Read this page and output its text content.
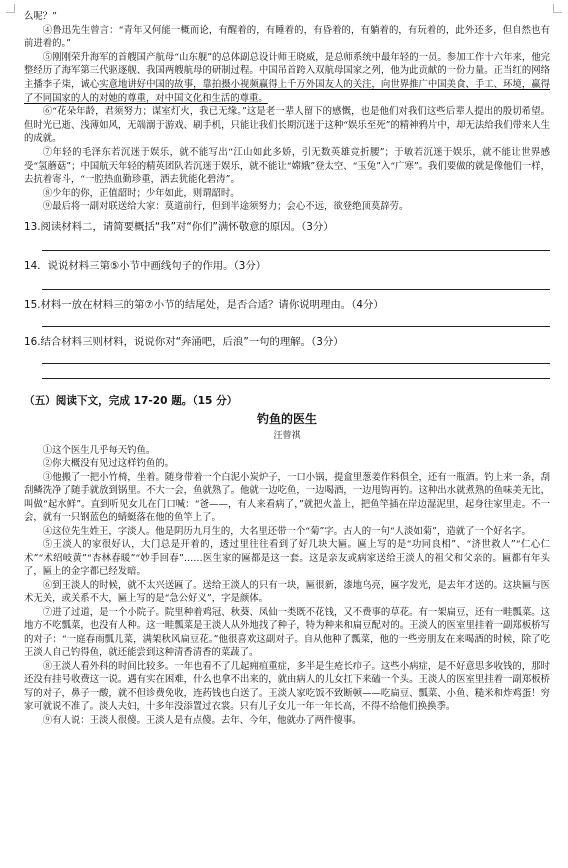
么呢？”

④鲁迅先生曾言：“青年又何能一概而论，有醒着的，有睡着的，有昏着的，有躺着的，有玩着的，此外还多，但自然也有前进着的。”

⑤刚刚荣升海军的首艘国产航母“山东舰”的总体副总设计师王晓威，是总师系统中最年轻的一员。参加工作十六年来，他完整经历了海军第三代驱逐舰、我国两艘航母的研制过程。中国吊首跨入双航母国家之列，他为此贡献的一份力量。正当红的网络主播李子柒，诚心实意地讲好中国的故事，靠拍摄小视频赢得上千万外国友人的关注，向世界推广中国美食、手工、环境，赢得了不同国家的人的对她的尊重，对中国文化和生活的尊重。

⑥“花朵年龄，君须努力；谋室灯火，我已无缘。”这是老一辈人留下的感慨，也是他们对我们这些后辈人提出的殷切希望。但时光已逝、浅薄如风，无端溺于游戏、刷手机，只能让我们长期沉迷于这种“娱乐至死”的精神鸦片中，却无法给我们带来人生的成就。

⑦年轻的毛泽东若沉迷于娱乐，就不能写出“江山如此多娇，引无数英雄竞折腰”；于敏若沉迷于娱乐，就不能让世界感受“氢蘑菇”；中国航天年轻的精英团队若沉迷于娱乐，就不能让“嫦娥”登太空、“玉兔”入“广寒”。我们要做的就是像他们一样，去抗着寄斗，“一腔热血勤珍重，洒去犹能化碧涛”。

⑧少年的你，正值韶时；少年如此，则谓韶时。

⑨最后将一副对联送给大家：莫道前行，但到半途须努力；会心不远，欲登绝顶莫辞劳。

13.阅读材料二，请简要概括“我”对“你们”满怀敬意的原因。（3分）

14．说说材料三第⑤小节中画线句子的作用。（3分）

15.材料一放在材料三的第⑦小节的结尾处，是否合适？请你说明理由。（4分）

16.结合材料三则材料，说说你对“奔涌吧，后浪”一句的理解。（3分）

（五）阅读下文，完成 17-20 题。（15 分）

钓鱼的医生

汪曾祺

①这个医生几乎每天钓鱼。

②你大概没有见过这样钓鱼的。

③他搬了一把小竹椅，坐着。随身带着一个白泥小炭炉子，一口小锅，提盒里葱姜作料俱全，还有一瓶酒。钓上来一条，刮刮鳞洗净了随手就放到锅里。不大一会，鱼就熟了。他就一边吃鱼，一边喝酒，一边甩钩再钓。这种出水就煮熟的鱼味美无比，叫做“起水鲜”。直到听见女儿在门口喊：“爸——，有人来看病了，”就把火盖上，把鱼竿插在岸边湿泥里，起身往家里走。不一会，就有一只钢蓝色的蜻蜓落在他的鱼竿上了。

④这位先生姓王，字淡人。他是阴历九月生的，大名里还带一个“菊”字。古人的一句“人淡如菊”，造就了一个好名字。

⑤王淡人的家很好认，大门总是开着的，透过里往往看到了好几块大匾。匾上写的是“功同良相”、“济世救人”“仁心仁术”“术绍岐黄”“杏林春暖”“妙手回春”……医生家的匾都是这一套。这是亲友或病家送给王淡人的祖父和父亲的。匾都有年头了，匾上的金字都已经发暗。

⑥到王淡人的时候，就不太兴送匾了。送给王淡人的只有一块，匾很新，漆地乌亮，匾字发光，是去年才送的。这块匾与医术无关，或关系不大，匾上写的是“急公好义”，字是颜体。

⑦进了过道，是一个小院子。院里种着鸡冠、秋葵、凤仙一类既不花钱，又不费事的草花。有一架扁豆，还有一畦瓢菜。这地方不吃瓢菜，也没有人种。这一畦瓢菜是王淡人从外地找了种子，特为种来和扁豆配对的。王淡人的医室里挂着一副郑板桥写的对子：“一庭春雨瓢儿菜，满架秋风扁豆花。”他很喜欢这副对子。自从他种了瓢菜，他的一些旁朋友在来喝酒的时候，除了吃王淡人自己钓得鱼，就还能尝到这种清香清香的菜蔬了。

⑧王淡人看外科的时间比较多。一年也看不了几起痈疽重症，多半是生疮长疖子。这些小病症，是不好意思多收钱的，那时还没有挂号收费这一说。遇有实在困难，什么也拿不出来的，就由病人的儿女扛下来磕一个头。王淡人的医室里挂着一副郑板桥写的对子，鼻子一酸，就不但诊费免收，连药钱也白送了。王淡人家吃饭不致断顿——吃扁豆、瓢菜、小鱼、糙米和炸鸡蛋！穷家可就说不准了。淡人夫妇，十多年没添置过衣裳。只有儿子女儿一年一年长高，不得不给他们换换季。

⑨有人说：王淡人很傻。王淡人是有点傻。去年、今年，他就办了两件傻事。
